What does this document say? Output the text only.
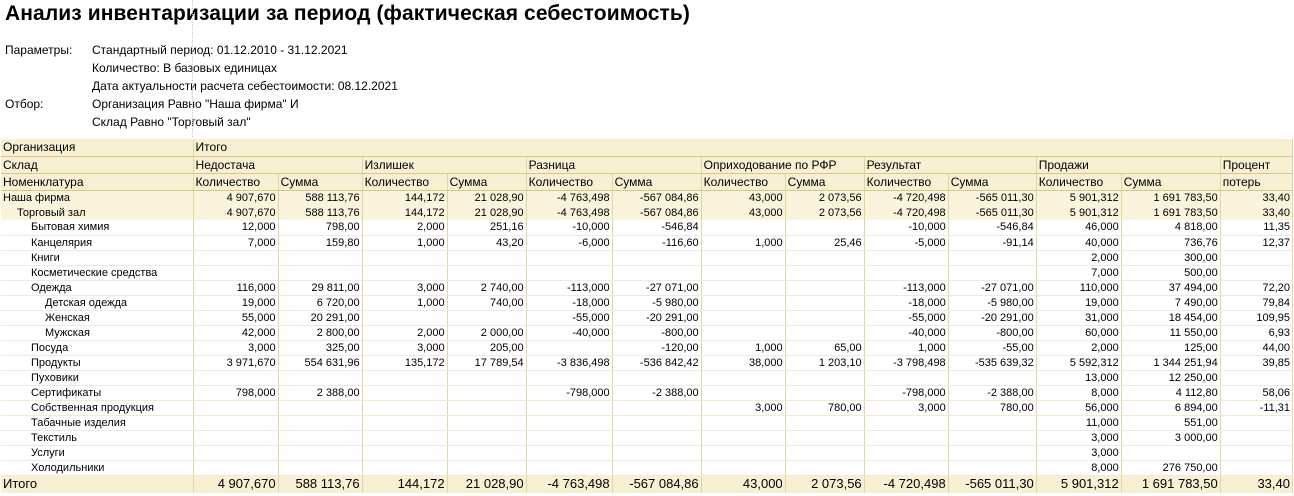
Анализ инвентаризации за период (фактическая себестоимость)
Параметры:	Стандартный период: 01.12.2010 - 31.12.2021
Количество: В базовых единицах
Дата актуальности расчета себестоимости: 08.12.2021
Отбор:	Организация Равно "Наша фирма" И
Склад Равно "Торговый зал"
Организация	Итого												
Склад	Недостача		Излишек		Разница		Оприходование по РФР		Результат		Продажи		Процент
Номенклатура	Количество	Сумма	Количество	Сумма	Количество	Сумма	Количество	Сумма	Количество	Сумма	Количество	Сумма	потерь
Наша фирма	4 907,670	588 113,76	144,172	21 028,90	-4 763,498	-567 084,86	43,000	2 073,56	-4 720,498	-565 011,30	5 901,312	1 691 783,50	33,40
Торговый зал	4 907,670	588 113,76	144,172	21 028,90	-4 763,498	-567 084,86	43,000	2 073,56	-4 720,498	-565 011,30	5 901,312	1 691 783,50	33,40
Бытовая химия	12,000	798,00	2,000	251,16	-10,000	-546,84			-10,000	-546,84	46,000	4 818,00	11,35
Канцелярия	7,000	159,80	1,000	43,20	-6,000	-116,60	1,000	25,46	-5,000	-91,14	40,000	736,76	12,37
Книги											2,000	300,00	
Косметические средства											7,000	500,00	
Одежда	116,000	29 811,00	3,000	2 740,00	-113,000	-27 071,00			-113,000	-27 071,00	110,000	37 494,00	72,20
Детская одежда	19,000	6 720,00	1,000	740,00	-18,000	-5 980,00			-18,000	-5 980,00	19,000	7 490,00	79,84
Женская	55,000	20 291,00			-55,000	-20 291,00			-55,000	-20 291,00	31,000	18 454,00	109,95
Мужская	42,000	2 800,00	2,000	2 000,00	-40,000	-800,00			-40,000	-800,00	60,000	11 550,00	6,93
Посуда	3,000	325,00	3,000	205,00		-120,00	1,000	65,00	1,000	-55,00	2,000	125,00	44,00
Продукты	3 971,670	554 631,96	135,172	17 789,54	-3 836,498	-536 842,42	38,000	1 203,10	-3 798,498	-535 639,32	5 592,312	1 344 251,94	39,85
Пуховики											13,000	12 250,00	
Сертификаты	798,000	2 388,00			-798,000	-2 388,00			-798,000	-2 388,00	8,000	4 112,80	58,06
Собственная продукция							3,000	780,00	3,000	780,00	56,000	6 894,00	-11,31
Табачные изделия											11,000	551,00	
Текстиль											3,000	3 000,00	
Услуги											3,000		
Холодильники											8,000	276 750,00	
Итого	4 907,670	588 113,76	144,172	21 028,90	-4 763,498	-567 084,86	43,000	2 073,56	-4 720,498	-565 011,30	5 901,312	1 691 783,50	33,40
